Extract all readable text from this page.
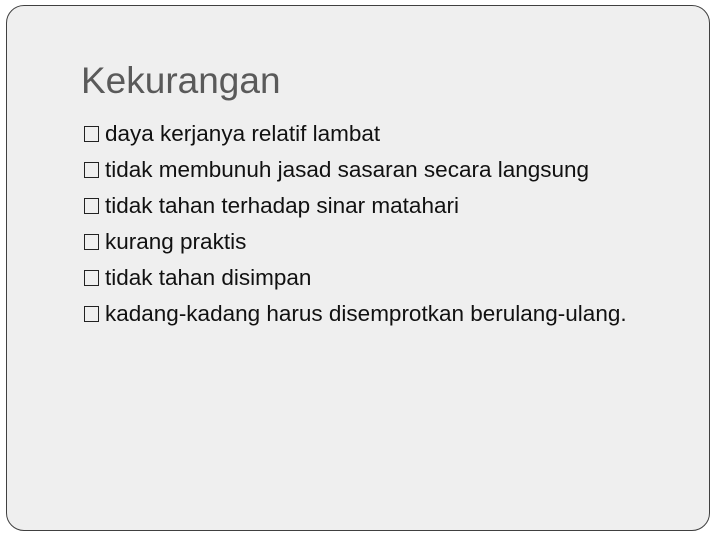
Kekurangan
daya kerjanya relatif lambat
tidak membunuh jasad sasaran secara langsung
tidak tahan terhadap sinar matahari
kurang praktis
tidak tahan disimpan
kadang-kadang harus disemprotkan berulang-ulang.
